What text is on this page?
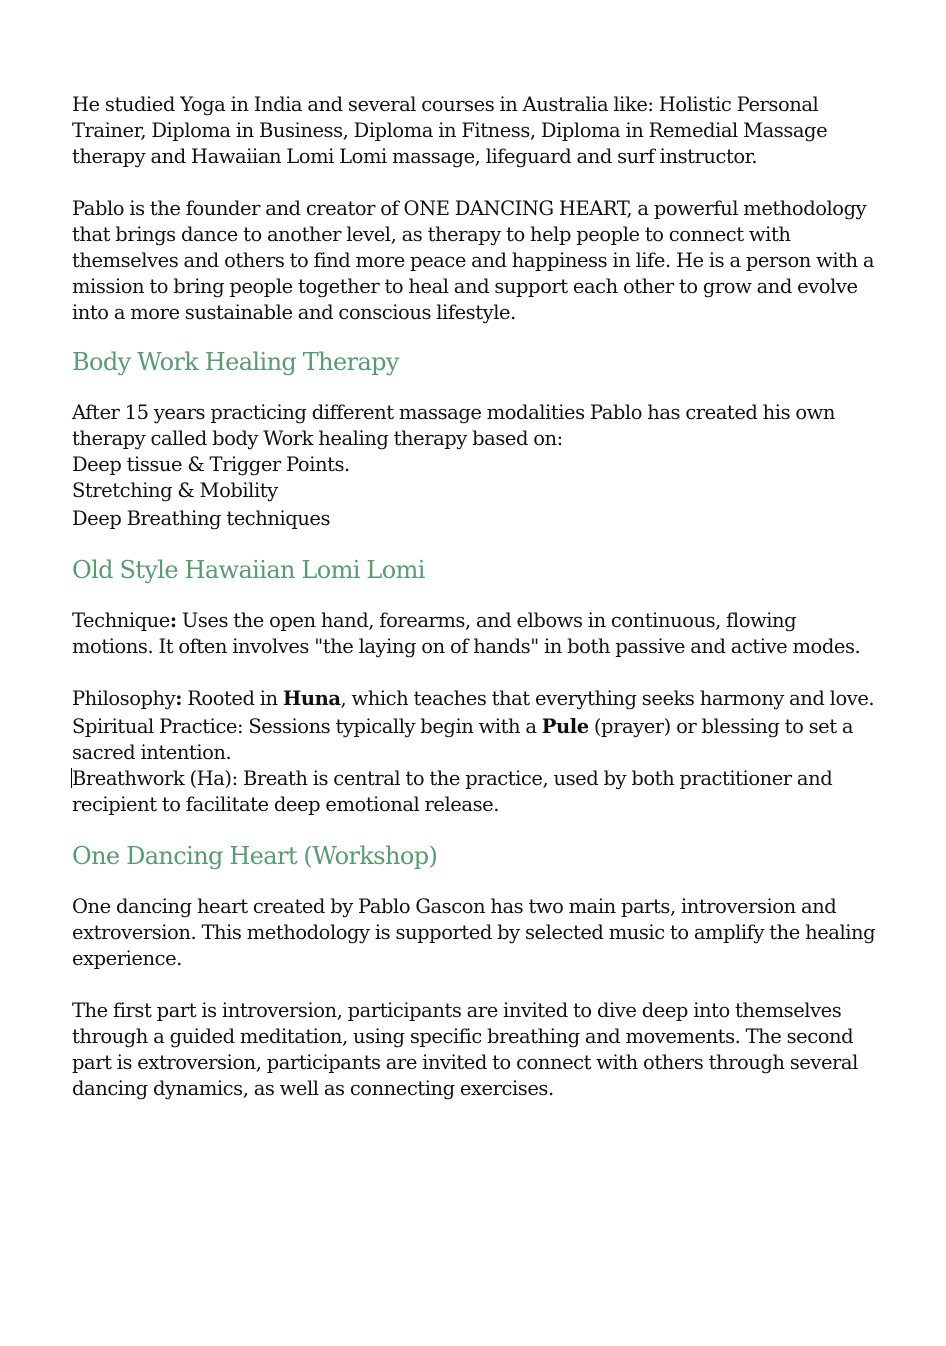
He studied Yoga in India and several courses in Australia like: Holistic Personal Trainer, Diploma in Business, Diploma in Fitness, Diploma in Remedial Massage therapy and Hawaiian Lomi Lomi massage, lifeguard and surf instructor.

Pablo is the founder and creator of ONE DANCING HEART, a powerful methodology that brings dance to another level, as therapy to help people to connect with themselves and others to find more peace and happiness in life. He is a person with a mission to bring people together to heal and support each other to grow and evolve into a more sustainable and conscious lifestyle.

Body Work Healing Therapy
After 15 years practicing different massage modalities Pablo has created his own therapy called body Work healing therapy based on:
Deep tissue & Trigger Points.
Stretching & Mobility
Deep Breathing techniques
Old Style Hawaiian Lomi Lomi

Technique: Uses the open hand, forearms, and elbows in continuous, flowing motions. It often involves "the laying on of hands" in both passive and active modes.

Philosophy: Rooted in Huna, which teaches that everything seeks harmony and love.

Spiritual Practice: Sessions typically begin with a Pule (prayer) or blessing to set a sacred intention.

Breathwork (Ha): Breath is central to the practice, used by both practitioner and recipient to facilitate deep emotional release.

One Dancing Heart (Workshop)

One dancing heart created by Pablo Gascon has two main parts, introversion and extroversion. This methodology is supported by selected music to amplify the healing experience.

The first part is introversion, participants are invited to dive deep into themselves through a guided meditation, using specific breathing and movements. The second part is extroversion, participants are invited to connect with others through several dancing dynamics, as well as connecting exercises.
